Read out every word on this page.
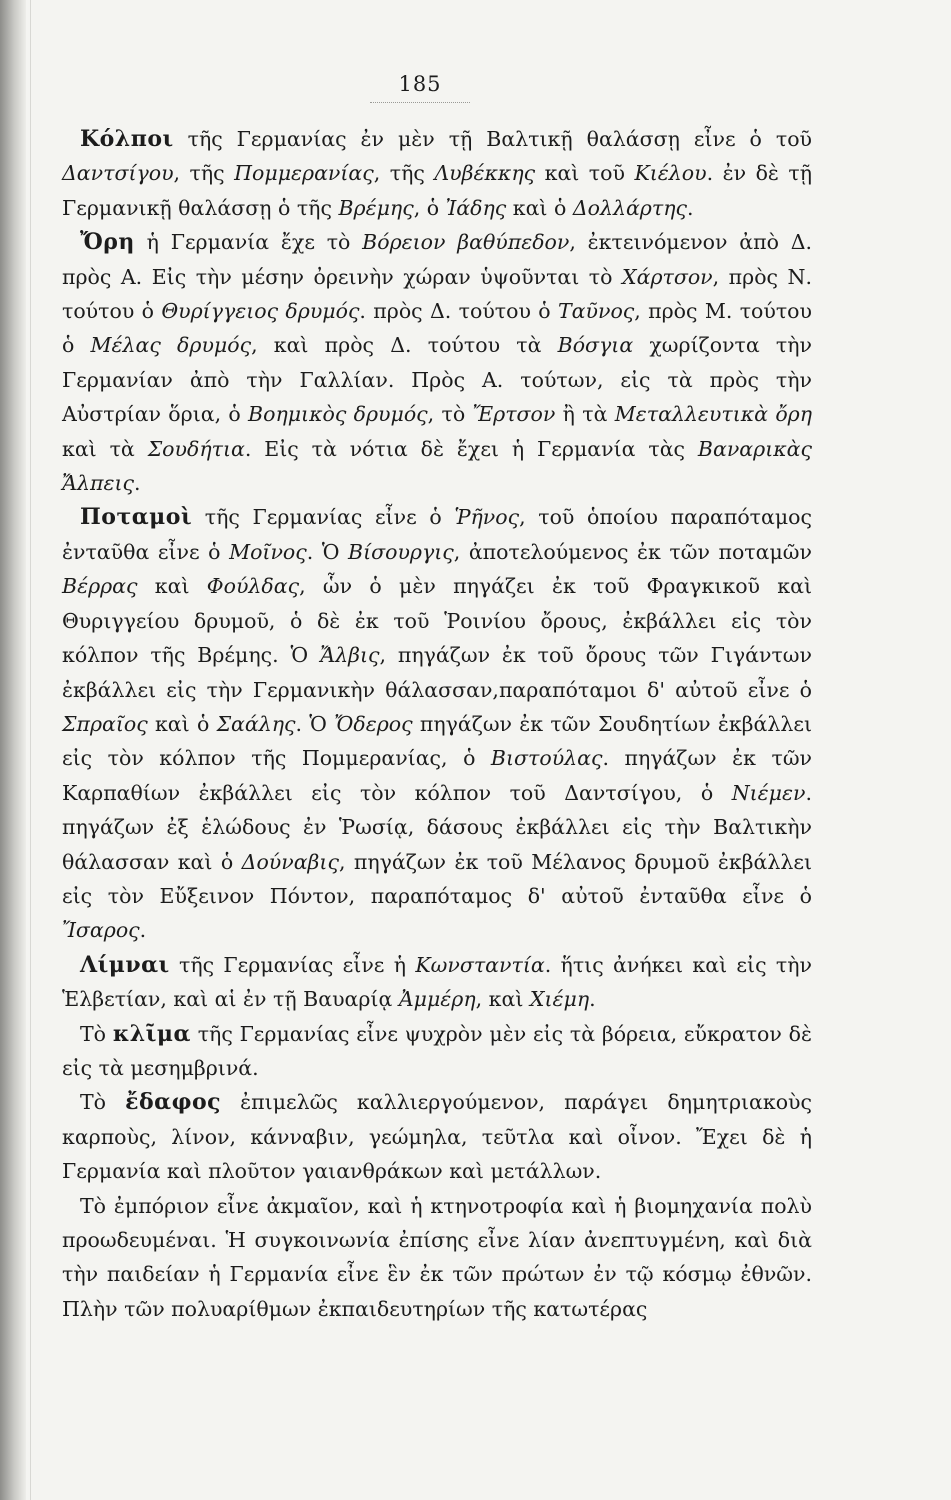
185

Κόλποι τῆς Γερμανίας ἐν μὲν τῇ Βαλτικῇ θαλάσσῃ εἶνε ὁ τοῦ Δαντσίγου, τῆς Πομμερανίας, τῆς Λυβέκκης καὶ τοῦ Κιέλου. ἐν δὲ τῇ Γερμανικῇ θαλάσσῃ ὁ τῆς Βρέμης, ὁ Ἰάδης καὶ ὁ Δολλάρτης.

Ὄρη ἡ Γερμανία ἔχε τὸ Βόρειον βαθύπεδον, ἐκτεινόμενον ἀπὸ Δ. πρὸς Α. Εἰς τὴν μέσην ὀρεινὴν χώραν ὑψοῦνται τὸ Χάρτσον, πρὸς Ν. τούτου ὁ Θυρίγγειος δρυμός. πρὸς Δ. τούτου ὁ Ταῦνος, πρὸς Μ. τούτου ὁ Μέλας δρυμός, καὶ πρὸς Δ. τούτου τὰ Βόσγια χωρίζοντα τὴν Γερμανίαν ἀπὸ τὴν Γαλλίαν. Πρὸς Α. τούτων, εἰς τὰ πρὸς τὴν Αὐστρίαν ὅρια, ὁ Βοημικὸς δρυμός, τὸ Ἔρτσον ἢ τὰ Μεταλλευτικὰ ὄρη καὶ τὰ Σουδήτια. Εἰς τὰ νότια δὲ ἔχει ἡ Γερμανία τὰς Βαναρικὰς Ἄλπεις.

Ποταμοὶ τῆς Γερμανίας εἶνε ὁ Ῥῆνος, τοῦ ὁποίου παραπόταμος ἐνταῦθα εἶνε ὁ Μοῖνος. Ὁ Βίσουργις, ἀποτελούμενος ἐκ τῶν ποταμῶν Βέρρας καὶ Φούλδας, ὧν ὁ μὲν πηγάζει ἐκ τοῦ Φραγκικοῦ καὶ Θυριγγείου δρυμοῦ, ὁ δὲ ἐκ τοῦ Ῥοινίου ὄρους, ἐκβάλλει εἰς τὸν κόλπον τῆς Βρέμης. Ὁ Ἄλβις, πηγάζων ἐκ τοῦ ὄρους τῶν Γιγάντων ἐκβάλλει εἰς τὴν Γερμανικὴν θάλασσαν,παραπόταμοι δ' αὐτοῦ εἶνε ὁ Σπραῖος καὶ ὁ Σαάλης. Ὁ Ὄδερος πηγάζων ἐκ τῶν Σουδητίων ἐκβάλλει εἰς τὸν κόλπον τῆς Πομμερανίας, ὁ Βιστούλας. πηγάζων ἐκ τῶν Καρπαθίων ἐκβάλλει εἰς τὸν κόλπον τοῦ Δαντσίγου, ὁ Νιέμεν. πηγάζων ἐξ ἑλώδους ἐν Ῥωσίᾳ, δάσους ἐκβάλλει εἰς τὴν Βαλτικὴν θάλασσαν καὶ ὁ Δούναβις, πηγάζων ἐκ τοῦ Μέλανος δρυμοῦ ἐκβάλλει εἰς τὸν Εὔξεινον Πόντον, παραπόταμος δ' αὐτοῦ ἐνταῦθα εἶνε ὁ Ἴσαρος.

Λίμναι τῆς Γερμανίας εἶνε ἡ Κωνσταντία. ἥτις ἀνήκει καὶ εἰς τὴν Ἑλβετίαν, καὶ αἱ ἐν τῇ Βαυαρίᾳ Ἀμμέρη, καὶ Χιέμη.

Τὸ κλῖμα τῆς Γερμανίας εἶνε ψυχρὸν μὲν εἰς τὰ βόρεια, εὔκρατον δὲ εἰς τὰ μεσημβρινά.

Τὸ ἔδαφος ἐπιμελῶς καλλιεργούμενον, παράγει δημητριακοὺς καρποὺς, λίνον, κάνναβιν, γεώμηλα, τεῦτλα καὶ οἶνον. Ἔχει δὲ ἡ Γερμανία καὶ πλοῦτον γαιανθράκων καὶ μετάλλων.

Τὸ ἐμπόριον εἶνε ἀκμαῖον, καὶ ἡ κτηνοτροφία καὶ ἡ βιομηχανία πολὺ προωδευμέναι. Ἡ συγκοινωνία ἐπίσης εἶνε λίαν ἀνεπτυγμένη, καὶ διὰ τὴν παιδείαν ἡ Γερμανία εἶνε ἓν ἐκ τῶν πρώτων ἐν τῷ κόσμῳ ἐθνῶν. Πλὴν τῶν πολυαρίθμων ἐκπαιδευτηρίων τῆς κατωτέρας
